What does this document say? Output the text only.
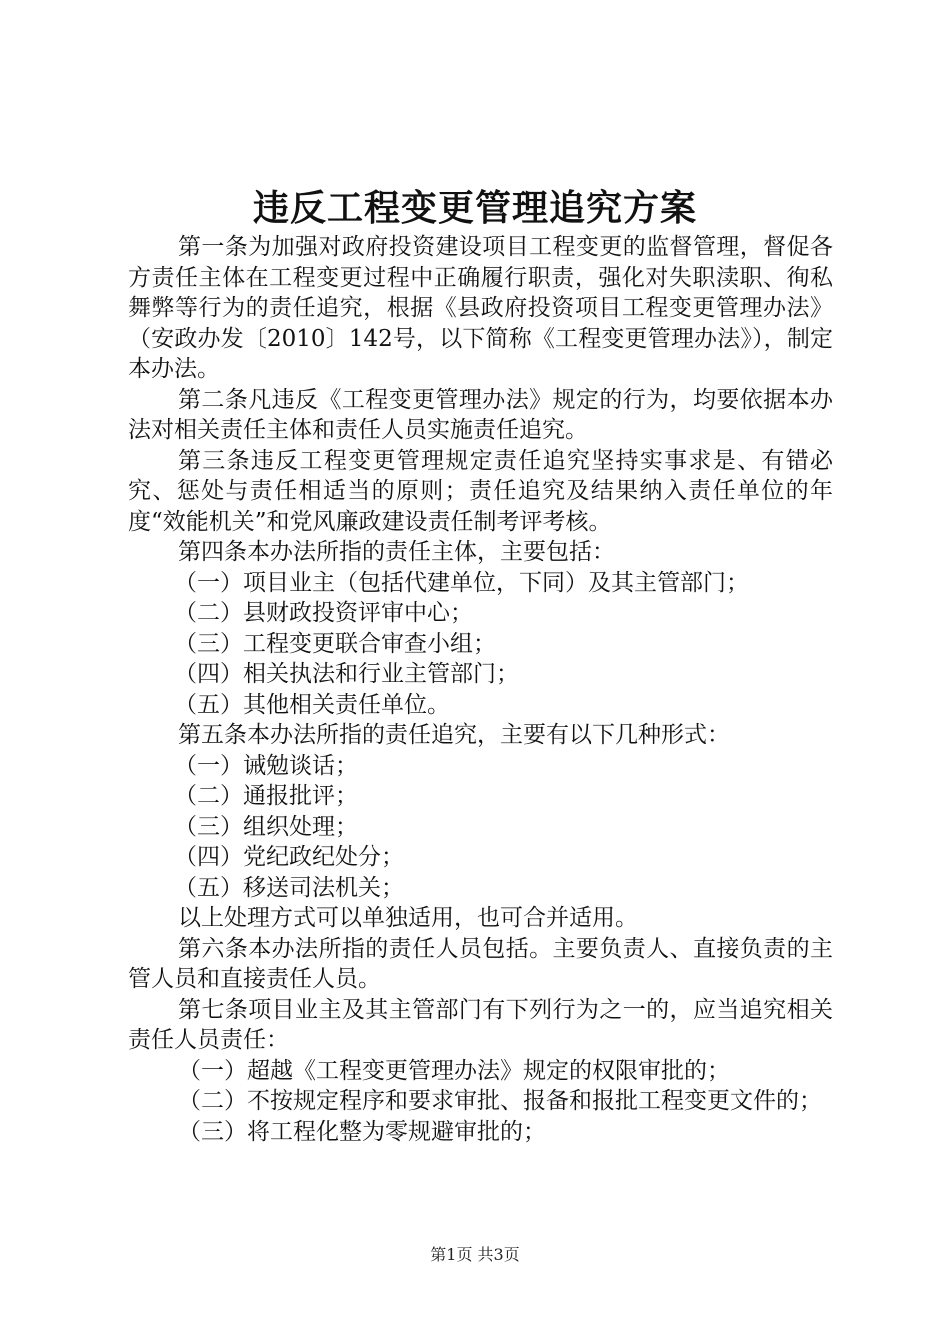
违反工程变更管理追究方案

第一条为加强对政府投资建设项目工程变更的监督管理，督促各方责任主体在工程变更过程中正确履行职责，强化对失职渎职、徇私舞弊等行为的责任追究，根据《县政府投资项目工程变更管理办法》（安政办发〔2010〕142号，以下简称《工程变更管理办法》），制定本办法。

第二条凡违反《工程变更管理办法》规定的行为，均要依据本办法对相关责任主体和责任人员实施责任追究。

第三条违反工程变更管理规定责任追究坚持实事求是、有错必究、惩处与责任相适当的原则；责任追究及结果纳入责任单位的年度“效能机关”和党风廉政建设责任制考评考核。

第四条本办法所指的责任主体，主要包括：

（一）项目业主（包括代建单位，下同）及其主管部门；

（二）县财政投资评审中心；

（三）工程变更联合审查小组；

（四）相关执法和行业主管部门；

（五）其他相关责任单位。

第五条本办法所指的责任追究，主要有以下几种形式：

（一）诫勉谈话；

（二）通报批评；

（三）组织处理；

（四）党纪政纪处分；

（五）移送司法机关；

以上处理方式可以单独适用，也可合并适用。

第六条本办法所指的责任人员包括。主要负责人、直接负责的主管人员和直接责任人员。

第七条项目业主及其主管部门有下列行为之一的，应当追究相关责任人员责任：

（一）超越《工程变更管理办法》规定的权限审批的；

（二）不按规定程序和要求审批、报备和报批工程变更文件的；

（三）将工程化整为零规避审批的；

第1页 共3页
